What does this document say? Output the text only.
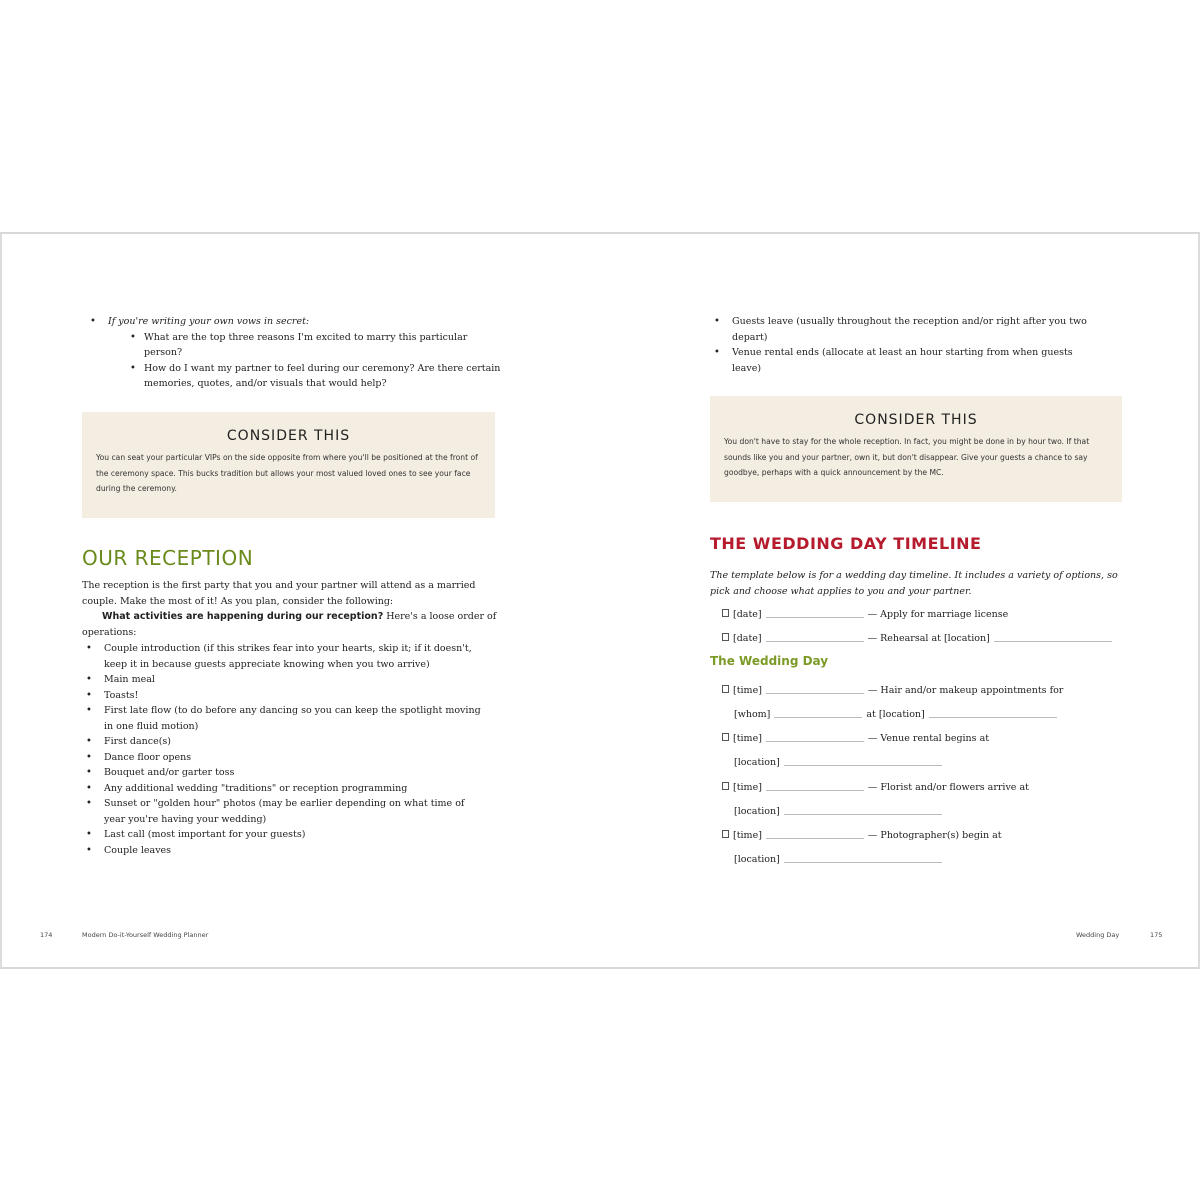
• If you're writing your own vows in secret:
• What are the top three reasons I'm excited to marry this particular person?
• How do I want my partner to feel during our ceremony? Are there certain memories, quotes, and/or visuals that would help?
CONSIDER THIS

You can seat your particular VIPs on the side opposite from where you'll be positioned at the front of the ceremony space. This bucks tradition but allows your most valued loved ones to see your face during the ceremony.

OUR RECEPTION

The reception is the first party that you and your partner will attend as a married couple. Make the most of it! As you plan, consider the following:

What activities are happening during our reception? Here's a loose order of operations:

• Couple introduction (if this strikes fear into your hearts, skip it; if it doesn't, keep it in because guests appreciate knowing when you two arrive)
• Main meal
• Toasts!
• First late flow (to do before any dancing so you can keep the spotlight moving in one fluid motion)
• First dance(s)
• Dance floor opens
• Bouquet and/or garter toss
• Any additional wedding "traditions" or reception programming
• Sunset or "golden hour" photos (may be earlier depending on what time of year you're having your wedding)
• Last call (most important for your guests)
• Couple leaves
174	Modern Do-it-Yourself Wedding Planner
• Guests leave (usually throughout the reception and/or right after you two depart)
• Venue rental ends (allocate at least an hour starting from when guests leave)
CONSIDER THIS

You don't have to stay for the whole reception. In fact, you might be done in by hour two. If that sounds like you and your partner, own it, but don't disappear. Give your guests a chance to say goodbye, perhaps with a quick announcement by the MC.

THE WEDDING DAY TIMELINE
The template below is for a wedding day timeline. It includes a variety of options, so pick and choose what applies to you and your partner.
[date]	— Apply for marriage license
[date]	— Rehearsal at [location]
The Wedding Day
[time]	— Hair and/or makeup appointments for
[whom]	at [location]
[time]	— Venue rental begins at
[location]
[time]	— Florist and/or flowers arrive at
[location]
[time]	— Photographer(s) begin at
[location]
Wedding Day	175
